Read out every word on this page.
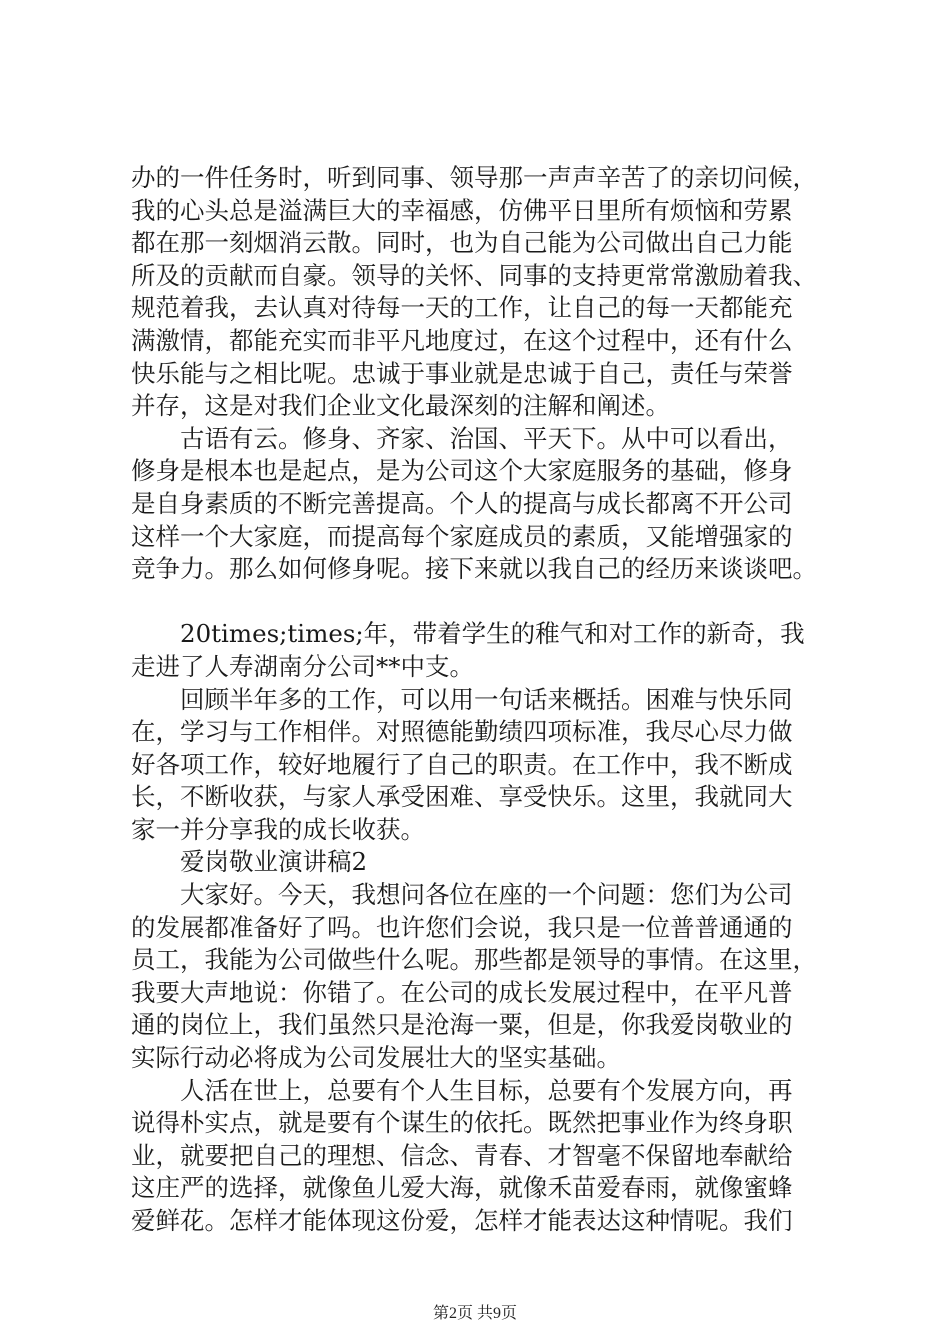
办的一件任务时，听到同事、领导那一声声辛苦了的亲切问候，
我的心头总是溢满巨大的幸福感，仿佛平日里所有烦恼和劳累
都在那一刻烟消云散。同时，也为自己能为公司做出自己力能
所及的贡献而自豪。领导的关怀、同事的支持更常常激励着我、
规范着我，去认真对待每一天的工作，让自己的每一天都能充
满激情，都能充实而非平凡地度过，在这个过程中，还有什么
快乐能与之相比呢。忠诚于事业就是忠诚于自己，责任与荣誉
并存，这是对我们企业文化最深刻的注解和阐述。
古语有云。修身、齐家、治国、平天下。从中可以看出，
修身是根本也是起点，是为公司这个大家庭服务的基础，修身
是自身素质的不断完善提高。个人的提高与成长都离不开公司
这样一个大家庭，而提高每个家庭成员的素质，又能增强家的
竞争力。那么如何修身呢。接下来就以我自己的经历来谈谈吧。
20times;times;年，带着学生的稚气和对工作的新奇，我
走进了人寿湖南分公司**中支。
回顾半年多的工作，可以用一句话来概括。困难与快乐同
在，学习与工作相伴。对照德能勤绩四项标准，我尽心尽力做
好各项工作，较好地履行了自己的职责。在工作中，我不断成
长，不断收获，与家人承受困难、享受快乐。这里，我就同大
家一并分享我的成长收获。
爱岗敬业演讲稿2
大家好。今天，我想问各位在座的一个问题：您们为公司
的发展都准备好了吗。也许您们会说，我只是一位普普通通的
员工，我能为公司做些什么呢。那些都是领导的事情。在这里，
我要大声地说：你错了。在公司的成长发展过程中，在平凡普
通的岗位上，我们虽然只是沧海一粟，但是，你我爱岗敬业的
实际行动必将成为公司发展壮大的坚实基础。
人活在世上，总要有个人生目标，总要有个发展方向，再
说得朴实点，就是要有个谋生的依托。既然把事业作为终身职
业，就要把自己的理想、信念、青春、才智毫不保留地奉献给
这庄严的选择，就像鱼儿爱大海，就像禾苗爱春雨，就像蜜蜂
爱鲜花。怎样才能体现这份爱，怎样才能表达这种情呢。我们
第2页 共9页
